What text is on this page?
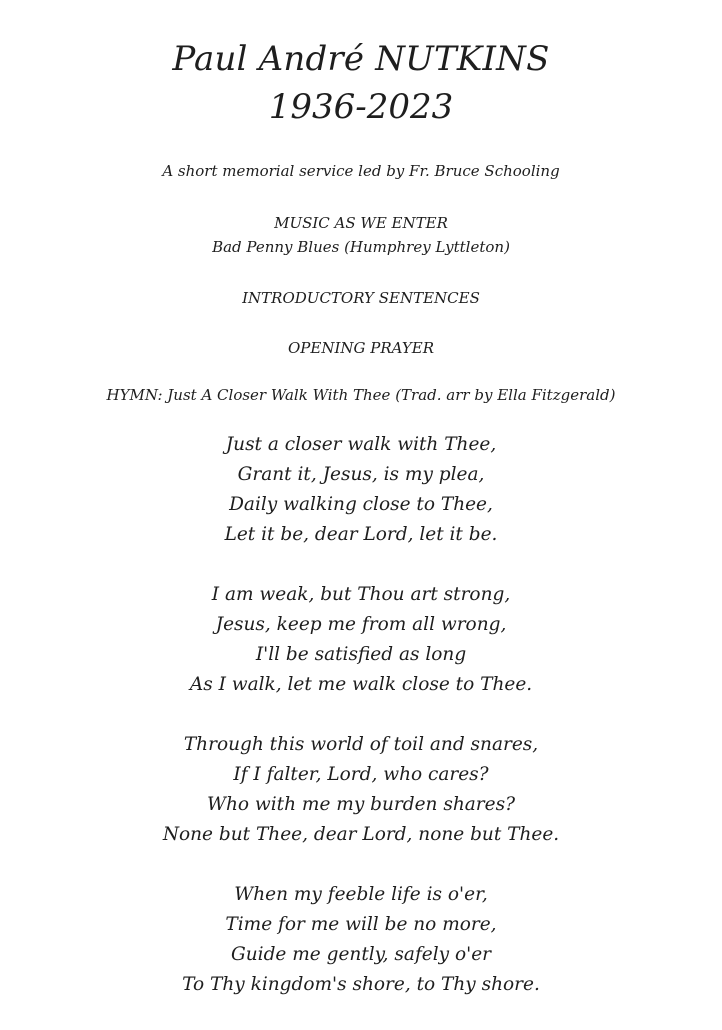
Paul André NUTKINS
1936-2023
A short memorial service led by Fr. Bruce Schooling
MUSIC AS WE ENTER
Bad Penny Blues (Humphrey Lyttleton)
INTRODUCTORY SENTENCES
OPENING PRAYER
HYMN: Just A Closer Walk With Thee (Trad. arr by Ella Fitzgerald)
Just a closer walk with Thee,
Grant it, Jesus, is my plea,
Daily walking close to Thee,
Let it be, dear Lord, let it be.
I am weak, but Thou art strong,
Jesus, keep me from all wrong,
I'll be satisfied as long
As I walk, let me walk close to Thee.
Through this world of toil and snares,
If I falter, Lord, who cares?
Who with me my burden shares?
None but Thee, dear Lord, none but Thee.
When my feeble life is o'er,
Time for me will be no more,
Guide me gently, safely o'er
To Thy kingdom's shore, to Thy shore.
